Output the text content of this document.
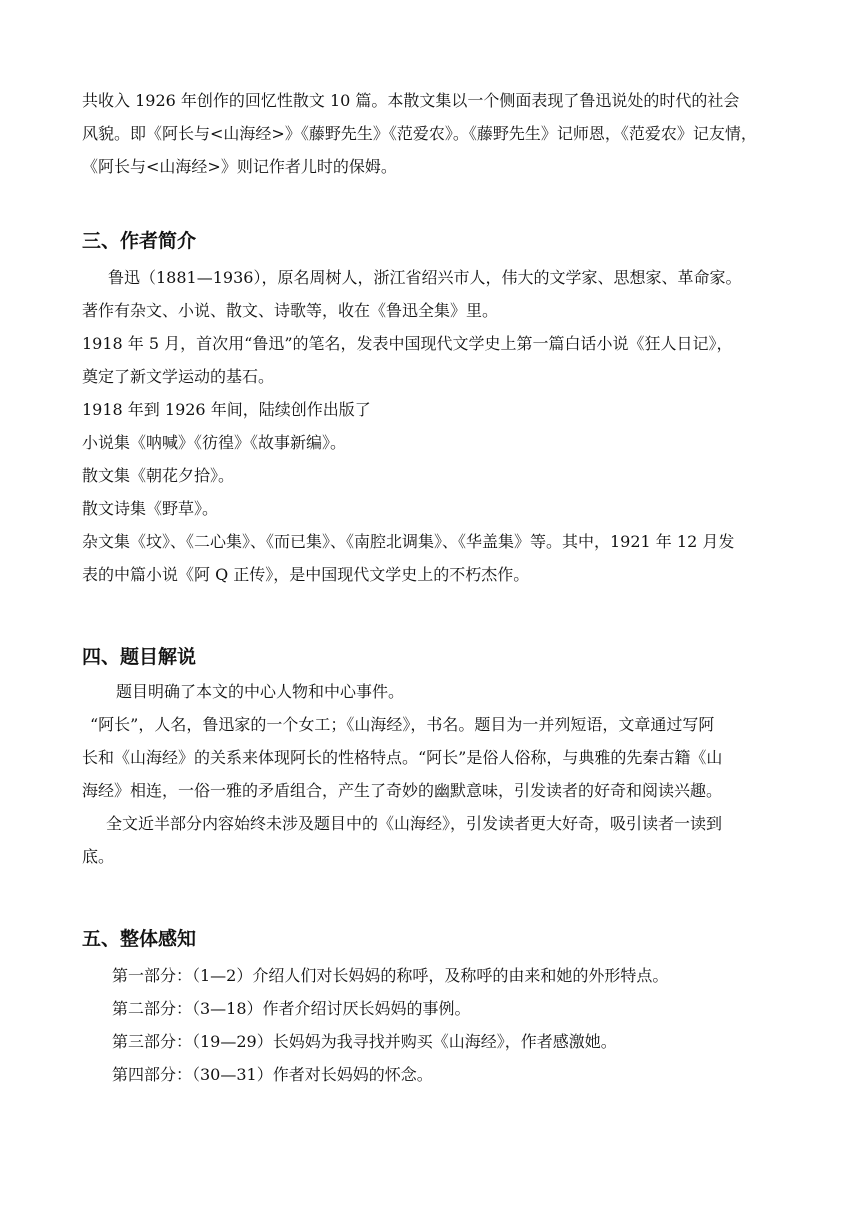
共收入 1926 年创作的回忆性散文 10 篇。本散文集以一个侧面表现了鲁迅说处的时代的社会

风貌。即《阿长与<山海经>》《藤野先生》《范爱农》。《藤野先生》记师恩，《范爱农》记友情，

《阿长与<山海经>》则记作者儿时的保姆。

三、作者简介

鲁迅（1881—1936），原名周树人，浙江省绍兴市人，伟大的文学家、思想家、革命家。

著作有杂文、小说、散文、诗歌等，收在《鲁迅全集》里。

1918 年 5 月，首次用“鲁迅”的笔名，发表中国现代文学史上第一篇白话小说《狂人日记》，

奠定了新文学运动的基石。

1918 年到 1926 年间，陆续创作出版了

小说集《呐喊》《彷徨》《故事新编》。

散文集《朝花夕拾》。

散文诗集《野草》。

杂文集《坟》、《二心集》、《而已集》、《南腔北调集》、《华盖集》等。其中，1921 年 12 月发

表的中篇小说《阿 Q 正传》，是中国现代文学史上的不朽杰作。

四、题目解说

题目明确了本文的中心人物和中心事件。

“阿长”，人名，鲁迅家的一个女工；《山海经》，书名。题目为一并列短语，文章通过写阿

长和《山海经》的关系来体现阿长的性格特点。“阿长”是俗人俗称，与典雅的先秦古籍《山

海经》相连，一俗一雅的矛盾组合，产生了奇妙的幽默意味，引发读者的好奇和阅读兴趣。

全文近半部分内容始终未涉及题目中的《山海经》，引发读者更大好奇，吸引读者一读到

底。

五、整体感知

第一部分：（1—2）介绍人们对长妈妈的称呼，及称呼的由来和她的外形特点。

第二部分：（3—18）作者介绍讨厌长妈妈的事例。

第三部分：（19—29）长妈妈为我寻找并购买《山海经》，作者感激她。

第四部分：（30—31）作者对长妈妈的怀念。
